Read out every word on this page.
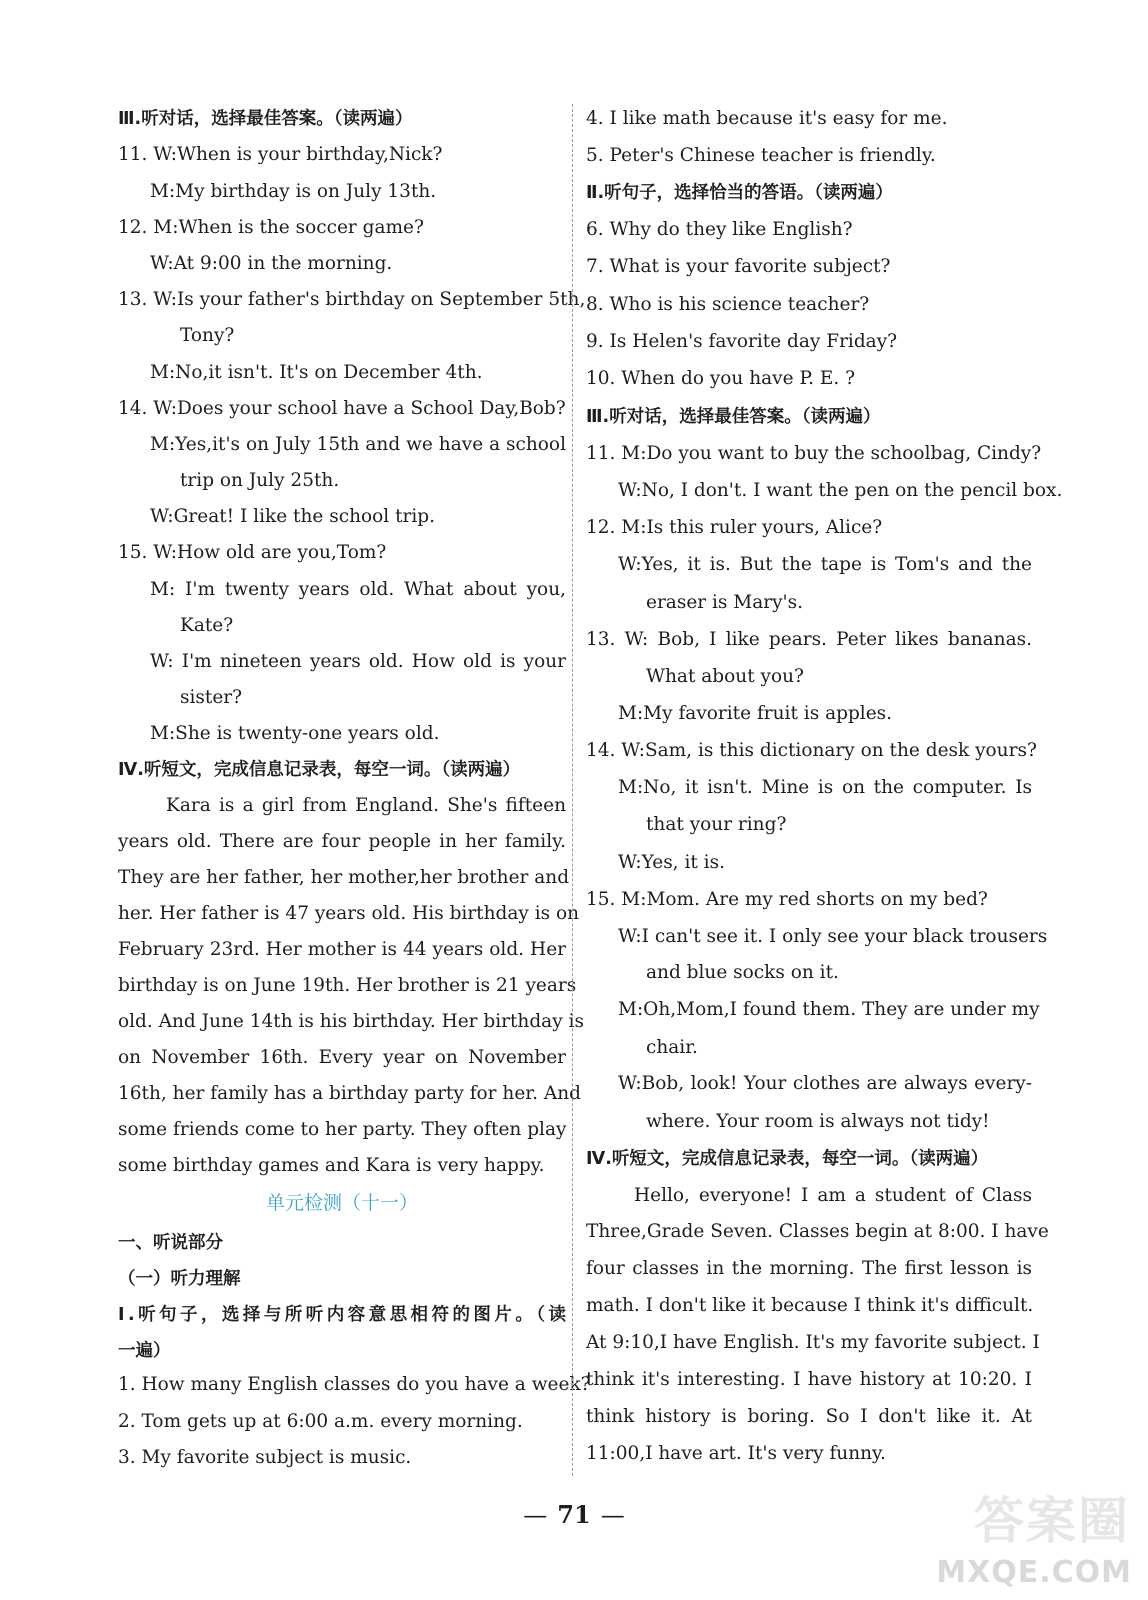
Ⅲ.听对话，选择最佳答案。（读两遍）
11. W:When is your birthday,Nick?
M:My birthday is on July 13th.
12. M:When is the soccer game?
W:At 9:00 in the morning.
13. W:Is your father's birthday on September 5th,
Tony?
M:No,it isn't. It's on December 4th.
14. W:Does your school have a School Day,Bob?
M:Yes,it's on July 15th and we have a school
trip on July 25th.
W:Great! I like the school trip.
15. W:How old are you,Tom?
M: I'm twenty years old. What about you,
Kate?
W: I'm nineteen years old. How old is your
sister?
M:She is twenty-one years old.
Ⅳ.听短文，完成信息记录表，每空一词。（读两遍）
Kara is a girl from England. She's fifteen
years old. There are four people in her family.
They are her father, her mother,her brother and
her. Her father is 47 years old. His birthday is on
February 23rd. Her mother is 44 years old. Her
birthday is on June 19th. Her brother is 21 years
old. And June 14th is his birthday. Her birthday is
on November 16th. Every year on November
16th, her family has a birthday party for her. And
some friends come to her party. They often play
some birthday games and Kara is very happy.
单元检测（十一）
一、听说部分
（一）听力理解
Ⅰ.听句子，选择与所听内容意思相符的图片。（读
一遍）
1. How many English classes do you have a week?
2. Tom gets up at 6:00 a.m. every morning.
3. My favorite subject is music.
4. I like math because it's easy for me.
5. Peter's Chinese teacher is friendly.
Ⅱ.听句子，选择恰当的答语。（读两遍）
6. Why do they like English?
7. What is your favorite subject?
8. Who is his science teacher?
9. Is Helen's favorite day Friday?
10. When do you have P. E. ?
Ⅲ.听对话，选择最佳答案。（读两遍）
11. M:Do you want to buy the schoolbag, Cindy?
W:No, I don't. I want the pen on the pencil box.
12. M:Is this ruler yours, Alice?
W:Yes, it is. But the tape is Tom's and the
eraser is Mary's.
13. W: Bob, I like pears. Peter likes bananas.
What about you?
M:My favorite fruit is apples.
14. W:Sam, is this dictionary on the desk yours?
M:No, it isn't. Mine is on the computer. Is
that your ring?
W:Yes, it is.
15. M:Mom. Are my red shorts on my bed?
W:I can't see it. I only see your black trousers
and blue socks on it.
M:Oh,Mom,I found them. They are under my
chair.
W:Bob, look! Your clothes are always every-
where. Your room is always not tidy!
Ⅳ.听短文，完成信息记录表，每空一词。（读两遍）
Hello, everyone! I am a student of Class
Three,Grade Seven. Classes begin at 8:00. I have
four classes in the morning. The first lesson is
math. I don't like it because I think it's difficult.
At 9:10,I have English. It's my favorite subject. I
think it's interesting. I have history at 10:20. I
think history is boring. So I don't like it. At
11:00,I have art. It's very funny.
— 71 —	答案圈
MXQE.COM
